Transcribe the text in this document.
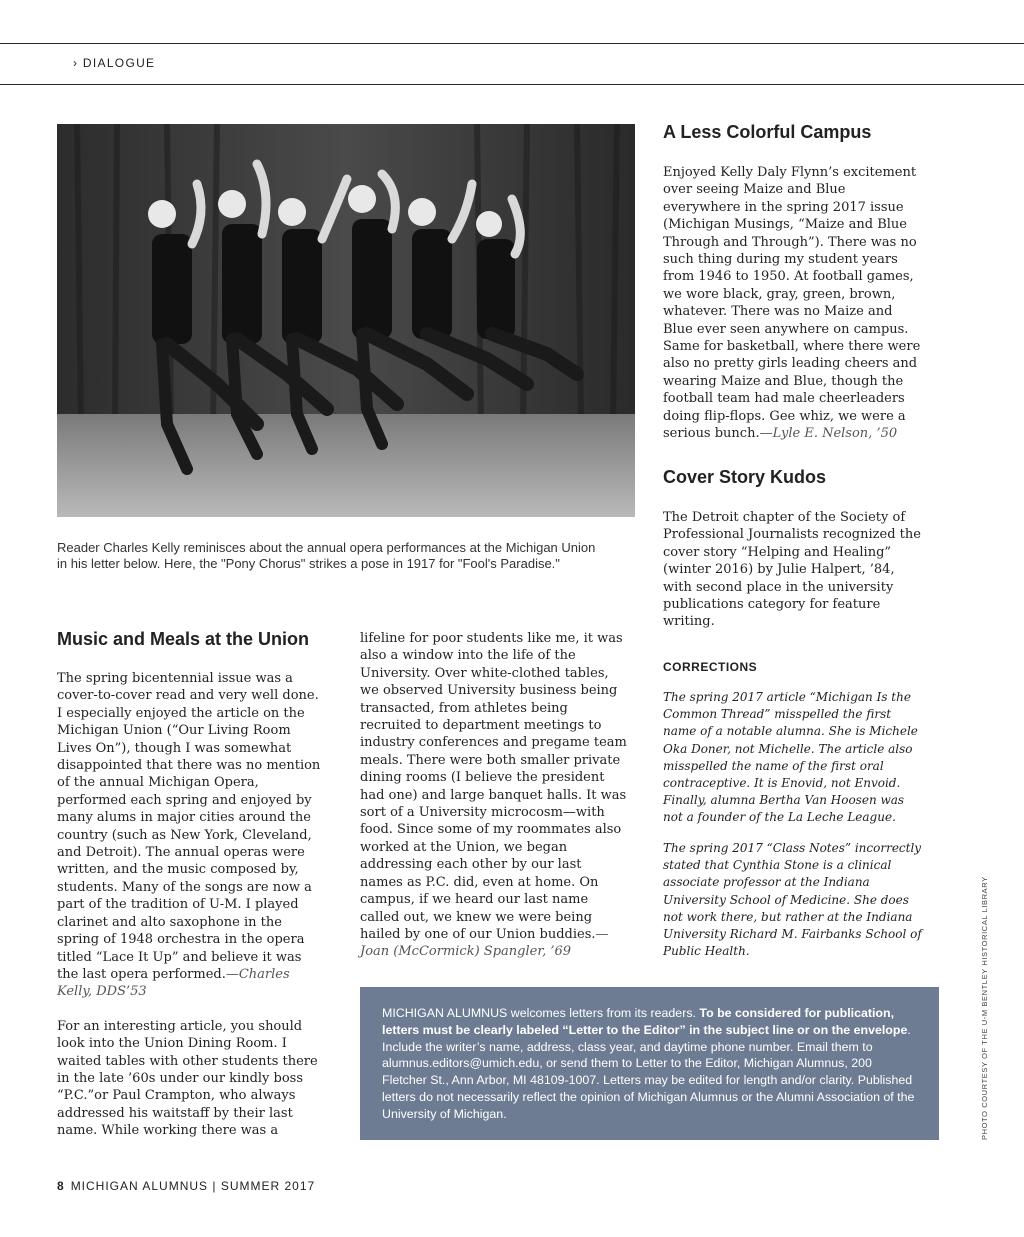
› DIALOGUE
Reader Charles Kelly reminisces about the annual opera performances at the Michigan Union in his letter below. Here, the "Pony Chorus" strikes a pose in 1917 for "Fool's Paradise."
Music and Meals at the Union

The spring bicentennial issue was a cover-to-cover read and very well done. I especially enjoyed the article on the Michigan Union (“Our Living Room Lives On”), though I was somewhat disappointed that there was no mention of the annual Michigan Opera, performed each spring and enjoyed by many alums in major cities around the country (such as New York, Cleveland, and Detroit). The annual operas were written, and the music composed by, students. Many of the songs are now a part of the tradition of U-M. I played clarinet and alto saxophone in the spring of 1948 orchestra in the opera titled “Lace It Up” and believe it was the last opera performed.—Charles Kelly, DDS’53

For an interesting article, you should look into the Union Dining Room. I waited tables with other students there in the late ’60s under our kindly boss “P.C.”or Paul Crampton, who always addressed his waitstaff by their last name. While working there was a

lifeline for poor students like me, it was also a window into the life of the University. Over white-clothed tables, we observed University business being transacted, from athletes being recruited to department meetings to industry conferences and pregame team meals. There were both smaller private dining rooms (I believe the president had one) and large banquet halls. It was sort of a University microcosm—with food. Since some of my roommates also worked at the Union, we began addressing each other by our last names as P.C. did, even at home. On campus, if we heard our last name called out, we knew we were being hailed by one of our Union buddies.—Joan (McCormick) Spangler, ’69

A Less Colorful Campus

Enjoyed Kelly Daly Flynn’s excitement over seeing Maize and Blue everywhere in the spring 2017 issue (Michigan Musings, “Maize and Blue Through and Through”). There was no such thing during my student years from 1946 to 1950. At football games, we wore black, gray, green, brown, whatever. There was no Maize and Blue ever seen anywhere on campus. Same for basketball, where there were also no pretty girls leading cheers and wearing Maize and Blue, though the football team had male cheerleaders doing flip-flops. Gee whiz, we were a serious bunch.—Lyle E. Nelson, ’50

Cover Story Kudos

The Detroit chapter of the Society of Professional Journalists recognized the cover story “Helping and Healing” (winter 2016) by Julie Halpert, ’84, with second place in the university publications category for feature writing.

CORRECTIONS

The spring 2017 article “Michigan Is the Common Thread” misspelled the first name of a notable alumna. She is Michele Oka Doner, not Michelle. The article also misspelled the name of the first oral contraceptive. It is Enovid, not Envoid. Finally, alumna Bertha Van Hoosen was not a founder of the La Leche League.

The spring 2017 “Class Notes” incorrectly stated that Cynthia Stone is a clinical associate professor at the Indiana University School of Medicine. She does not work there, but rather at the Indiana University Richard M. Fairbanks School of Public Health.

MICHIGAN ALUMNUS welcomes letters from its readers. To be considered for publication, letters must be clearly labeled “Letter to the Editor” in the subject line or on the envelope. Include the writer’s name, address, class year, and daytime phone number. Email them to alumnus.editors@umich.edu, or send them to Letter to the Editor, Michigan Alumnus, 200 Fletcher St., Ann Arbor, MI 48109-1007. Letters may be edited for length and/or clarity. Published letters do not necessarily reflect the opinion of Michigan Alumnus or the Alumni Association of the University of Michigan.	PHOTO COURTESY OF THE U-M BENTLEY HISTORICAL LIBRARY
8 MICHIGAN ALUMNUS | SUMMER 2017
